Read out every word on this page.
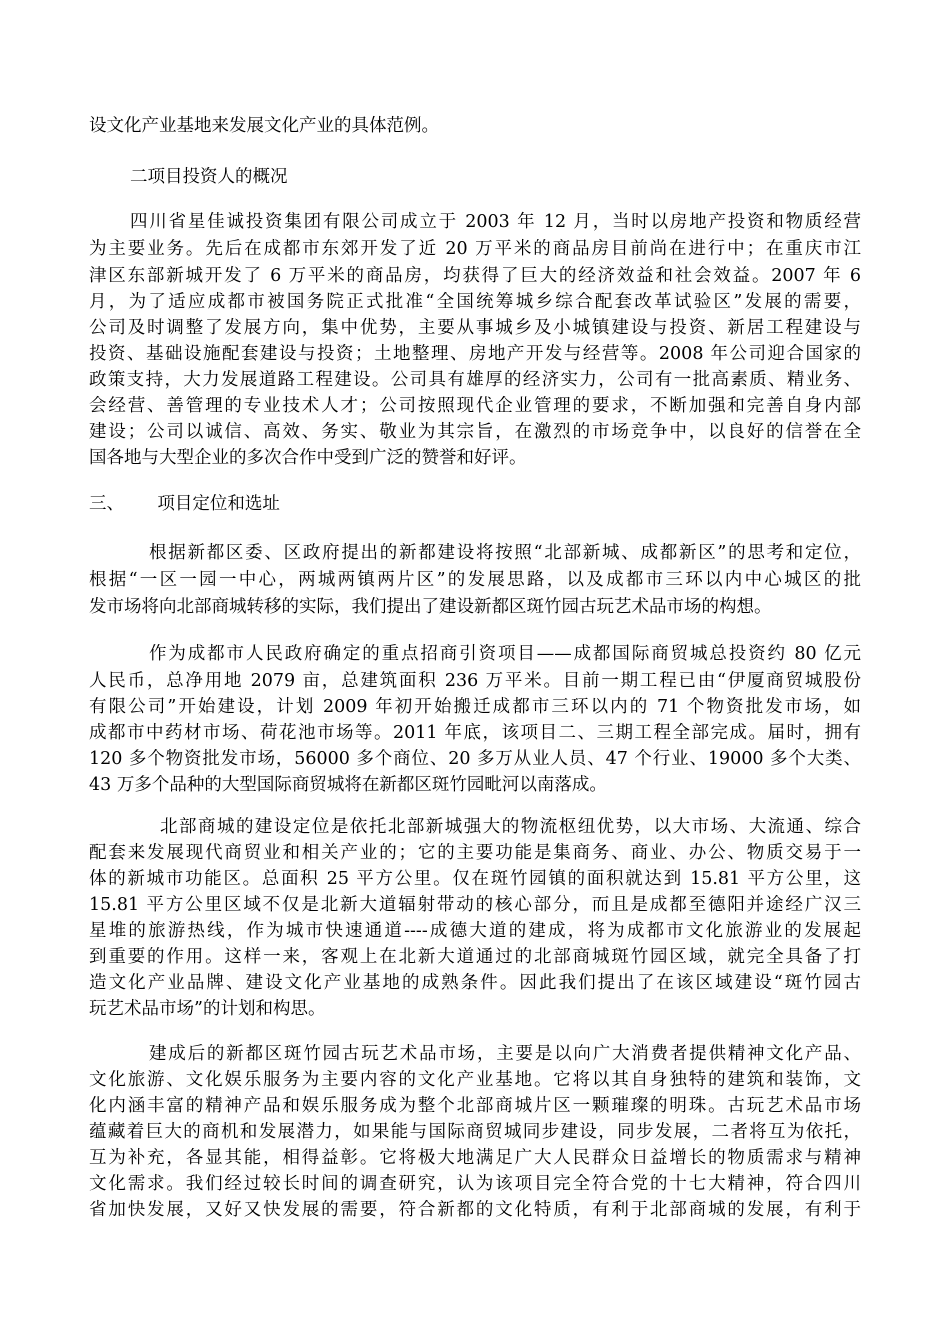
设文化产业基地来发展文化产业的具体范例。
二项目投资人的概况
四川省星佳诚投资集团有限公司成立于 2003 年 12 月，当时以房地产投资和物质经营
为主要业务。先后在成都市东郊开发了近 20 万平米的商品房目前尚在进行中；在重庆市江
津区东部新城开发了 6 万平米的商品房，均获得了巨大的经济效益和社会效益。2007 年 6
月，为了适应成都市被国务院正式批准“全国统筹城乡综合配套改革试验区”发展的需要，
公司及时调整了发展方向，集中优势，主要从事城乡及小城镇建设与投资、新居工程建设与
投资、基础设施配套建设与投资；土地整理、房地产开发与经营等。2008 年公司迎合国家的
政策支持，大力发展道路工程建设。公司具有雄厚的经济实力，公司有一批高素质、精业务、
会经营、善管理的专业技术人才；公司按照现代企业管理的要求，不断加强和完善自身内部
建设；公司以诚信、高效、务实、敬业为其宗旨，在激烈的市场竞争中，以良好的信誉在全
国各地与大型企业的多次合作中受到广泛的赞誉和好评。
三、      项目定位和选址
根据新都区委、区政府提出的新都建设将按照“北部新城、成都新区”的思考和定位，
根据“一区一园一中心，两城两镇两片区”的发展思路，以及成都市三环以内中心城区的批
发市场将向北部商城转移的实际，我们提出了建设新都区斑竹园古玩艺术品市场的构想。
作为成都市人民政府确定的重点招商引资项目——成都国际商贸城总投资约 80 亿元
人民币，总净用地 2079 亩，总建筑面积 236 万平米。目前一期工程已由“伊厦商贸城股份
有限公司”开始建设，计划 2009 年初开始搬迁成都市三环以内的 71 个物资批发市场，如
成都市中药材市场、荷花池市场等。2011 年底，该项目二、三期工程全部完成。届时，拥有
120 多个物资批发市场，56000 多个商位、20 多万从业人员、47 个行业、19000 多个大类、
43 万多个品种的大型国际商贸城将在新都区斑竹园毗河以南落成。
北部商城的建设定位是依托北部新城强大的物流枢纽优势，以大市场、大流通、综合
配套来发展现代商贸业和相关产业的；它的主要功能是集商务、商业、办公、物质交易于一
体的新城市功能区。总面积 25 平方公里。仅在斑竹园镇的面积就达到 15.81 平方公里，这
15.81 平方公里区域不仅是北新大道辐射带动的核心部分，而且是成都至德阳并途经广汉三
星堆的旅游热线，作为城市快速通道----成德大道的建成，将为成都市文化旅游业的发展起
到重要的作用。这样一来，客观上在北新大道通过的北部商城斑竹园区域，就完全具备了打
造文化产业品牌、建设文化产业基地的成熟条件。因此我们提出了在该区域建设“斑竹园古
玩艺术品市场”的计划和构思。
建成后的新都区斑竹园古玩艺术品市场，主要是以向广大消费者提供精神文化产品、
文化旅游、文化娱乐服务为主要内容的文化产业基地。它将以其自身独特的建筑和装饰，文
化内涵丰富的精神产品和娱乐服务成为整个北部商城片区一颗璀璨的明珠。古玩艺术品市场
蕴藏着巨大的商机和发展潜力，如果能与国际商贸城同步建设，同步发展，二者将互为依托，
互为补充，各显其能，相得益彰。它将极大地满足广大人民群众日益增长的物质需求与精神
文化需求。我们经过较长时间的调查研究，认为该项目完全符合党的十七大精神，符合四川
省加快发展，又好又快发展的需要，符合新都的文化特质，有利于北部商城的发展，有利于
